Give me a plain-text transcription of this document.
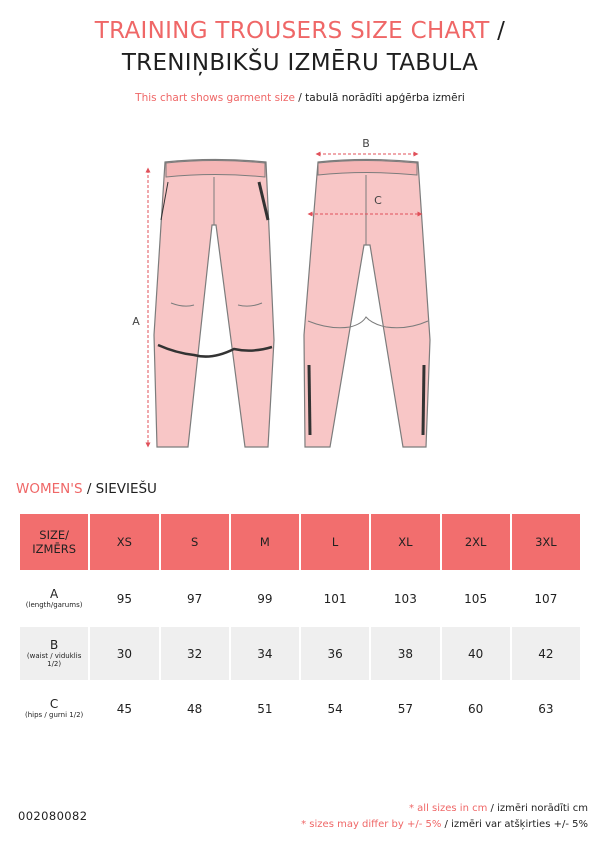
TRAINING TROUSERS SIZE CHART /
TRENIŅBIKŠU IZMĒRU TABULA
This chart shows garment size / tabulā norādīti apģērba izmēri
A
B
C
WOMEN'S / SIEVIEŠU
SIZE/
IZMĒRS	XS	S	M	L	XL	2XL	3XL
A
(length/garums)	95	97	99	101	103	105	107
B
(waist / viduklis 1/2)	30	32	34	36	38	40	42
C
(hips / gurni 1/2)	45	48	51	54	57	60	63
002080082
* all sizes in cm / izmēri norādīti cm
* sizes may differ by +/- 5% / izmēri var atšķirties +/- 5%
